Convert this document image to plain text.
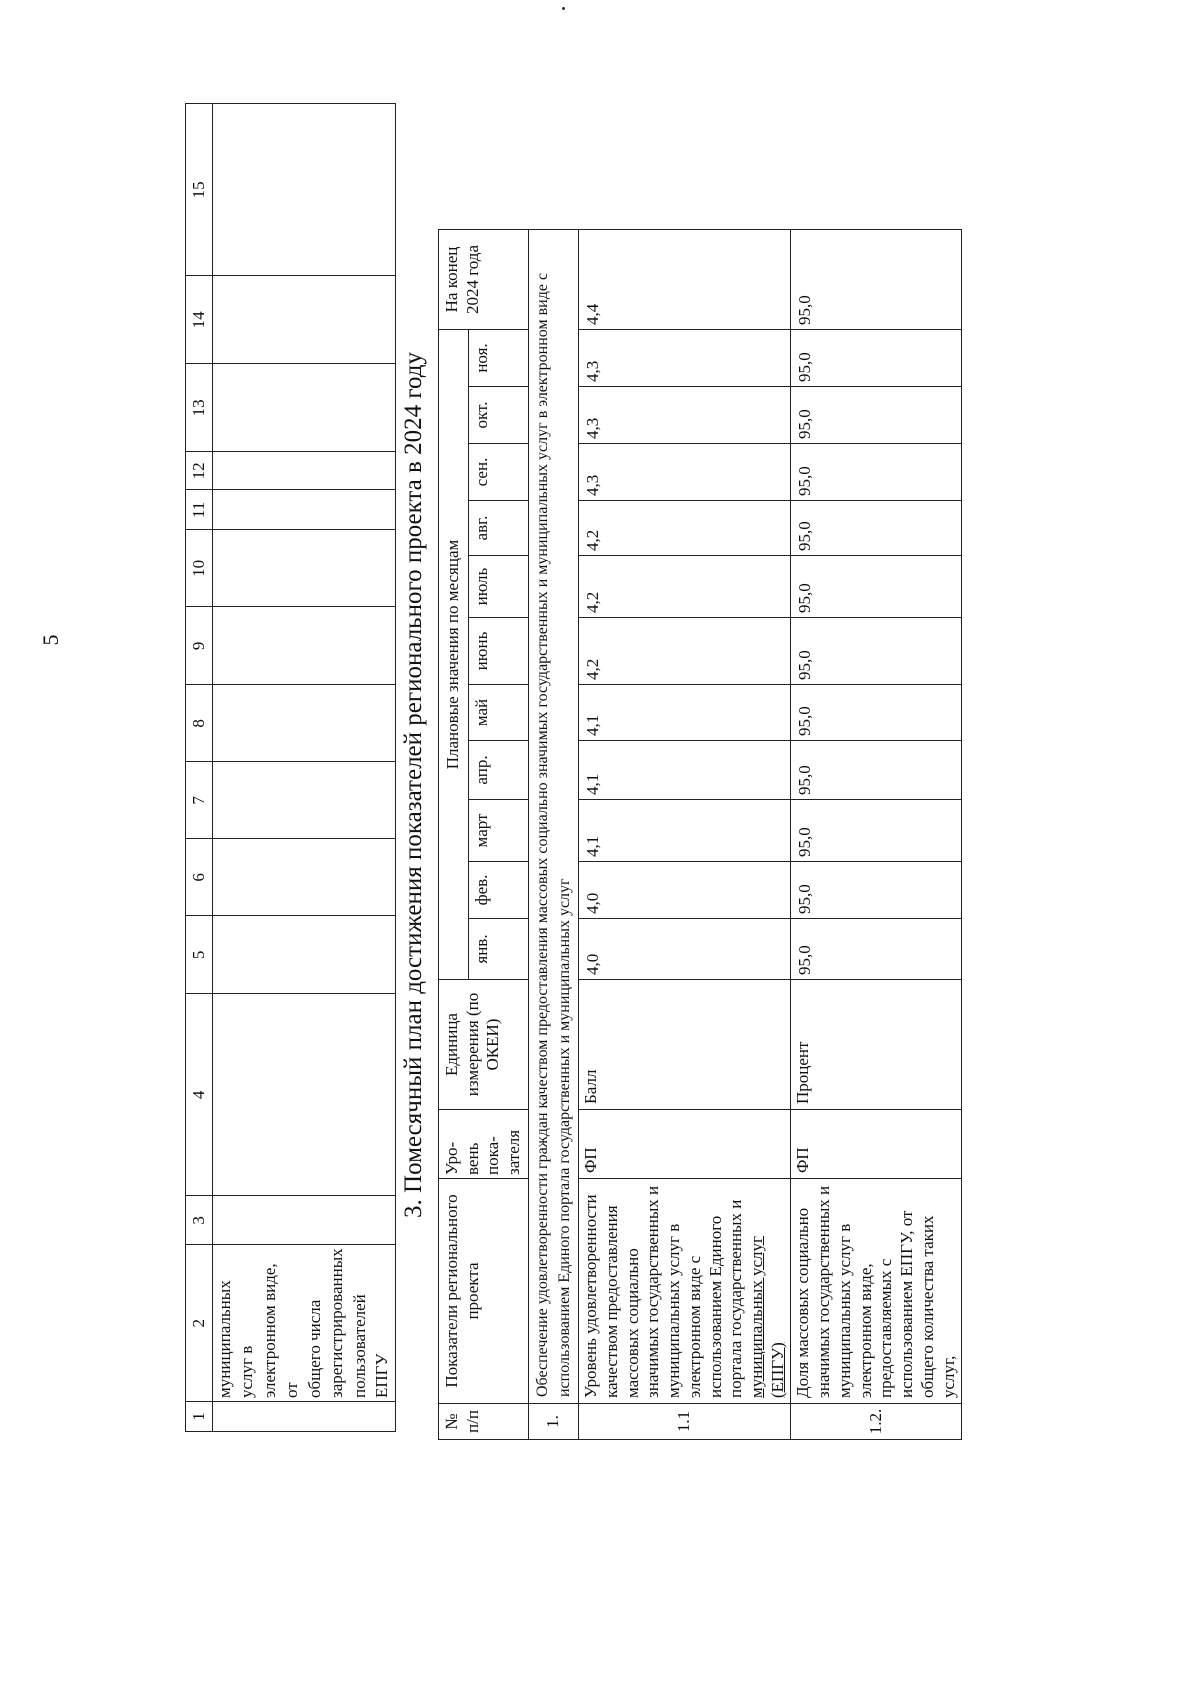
5
1	2	3	4	5	6	7	8	9	10	11	12	13	14	15

	муниципальных услуг в электронном виде, от общего числа зарегистрированных пользователей ЕПГУ													

3. Помесячный план достижения показателей регионального проекта в 2024 году
№ п/п	Показатели регионального проекта	Уро-вень пока-зателя	Единица измерения (по ОКЕИ)	Плановые значения по месяцам											На конец 2024 года
				янв.	фев.	март	апр.	май	июнь	июль	авг.	сен.	окт.	ноя.	
1.	Обеспечение удовлетворенности граждан качеством предоставления массовых социально значимых государственных и муниципальных услуг в электронном виде с использованием Единого портала государственных и муниципальных услуг														
1.1	Уровень удовлетворенности качеством предоставления массовых социально значимых государственных и муниципальных услуг в электронном виде с использованием Единого портала государственных и муниципальных услуг (ЕПГУ)	ФП	Балл	4,0	4,0	4,1	4,1	4,1	4,2	4,2	4,2	4,3	4,3	4,3	4,4
1.2.	Доля массовых социально значимых государственных и муниципальных услуг в электронном виде, предоставляемых с использованием ЕПГУ, от общего количества таких услуг,	ФП	Процент	95,0	95,0	95,0	95,0	95,0	95,0	95,0	95,0	95,0	95,0	95,0	95,0
